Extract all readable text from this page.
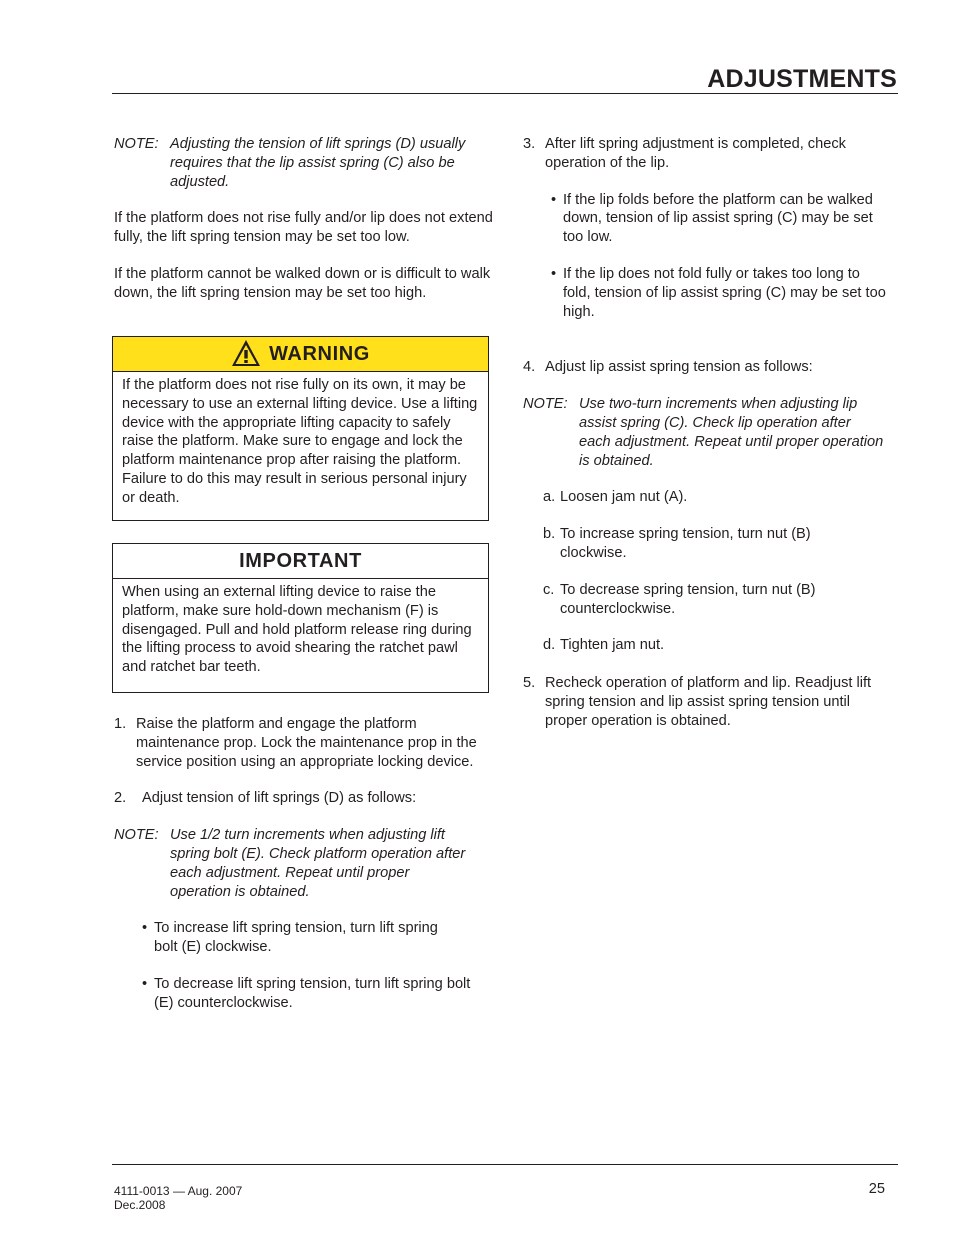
ADJUSTMENTS
NOTE: Adjusting the tension of lift springs (D) usually requires that the lip assist spring (C) also be adjusted.

If the platform does not rise fully and/or lip does not extend fully, the lift spring tension may be set too low.

If the platform cannot be walked down or is difficult to walk down, the lift spring tension may be set too high.

WARNING
If the platform does not rise fully on its own, it may be necessary to use an external lifting device. Use a lifting device with the appropriate lifting capacity to safely raise the platform. Make sure to engage and lock the platform maintenance prop after raising the platform. Failure to do this may result in serious personal injury or death.
IMPORTANT
When using an external lifting device to raise the platform, make sure hold-down mechanism (F) is disengaged. Pull and hold platform release ring during the lifting process to avoid shearing the ratchet pawl and ratchet bar teeth.
1. Raise the platform and engage the platform maintenance prop. Lock the maintenance prop in the service position using an appropriate locking device.
2.	Adjust tension of lift springs (D) as follows:
NOTE: Use 1/2 turn increments when adjusting lift spring bolt (E). Check platform operation after each adjustment. Repeat until proper operation is obtained.
• To increase lift spring tension, turn lift spring bolt (E) clockwise.
• To decrease lift spring tension, turn lift spring bolt (E) counterclockwise.
3. After lift spring adjustment is completed, check operation of the lip.
• If the lip folds before the platform can be walked down, tension of lip assist spring (C) may be set too low.
• If the lip does not fold fully or takes too long to fold, tension of lip assist spring (C) may be set too high.
4. Adjust lip assist spring tension as follows:
NOTE: Use two-turn increments when adjusting lip assist spring (C). Check lip operation after each adjustment. Repeat until proper operation is obtained.
a. Loosen jam nut (A).
b. To increase spring tension, turn nut (B) clockwise.
c. To decrease spring tension, turn nut (B) counterclockwise.
d. Tighten jam nut.
5. Recheck operation of platform and lip. Readjust lift spring tension and lip assist spring tension until proper operation is obtained.
4111-0013 — Aug. 2007
Dec.2008
25
